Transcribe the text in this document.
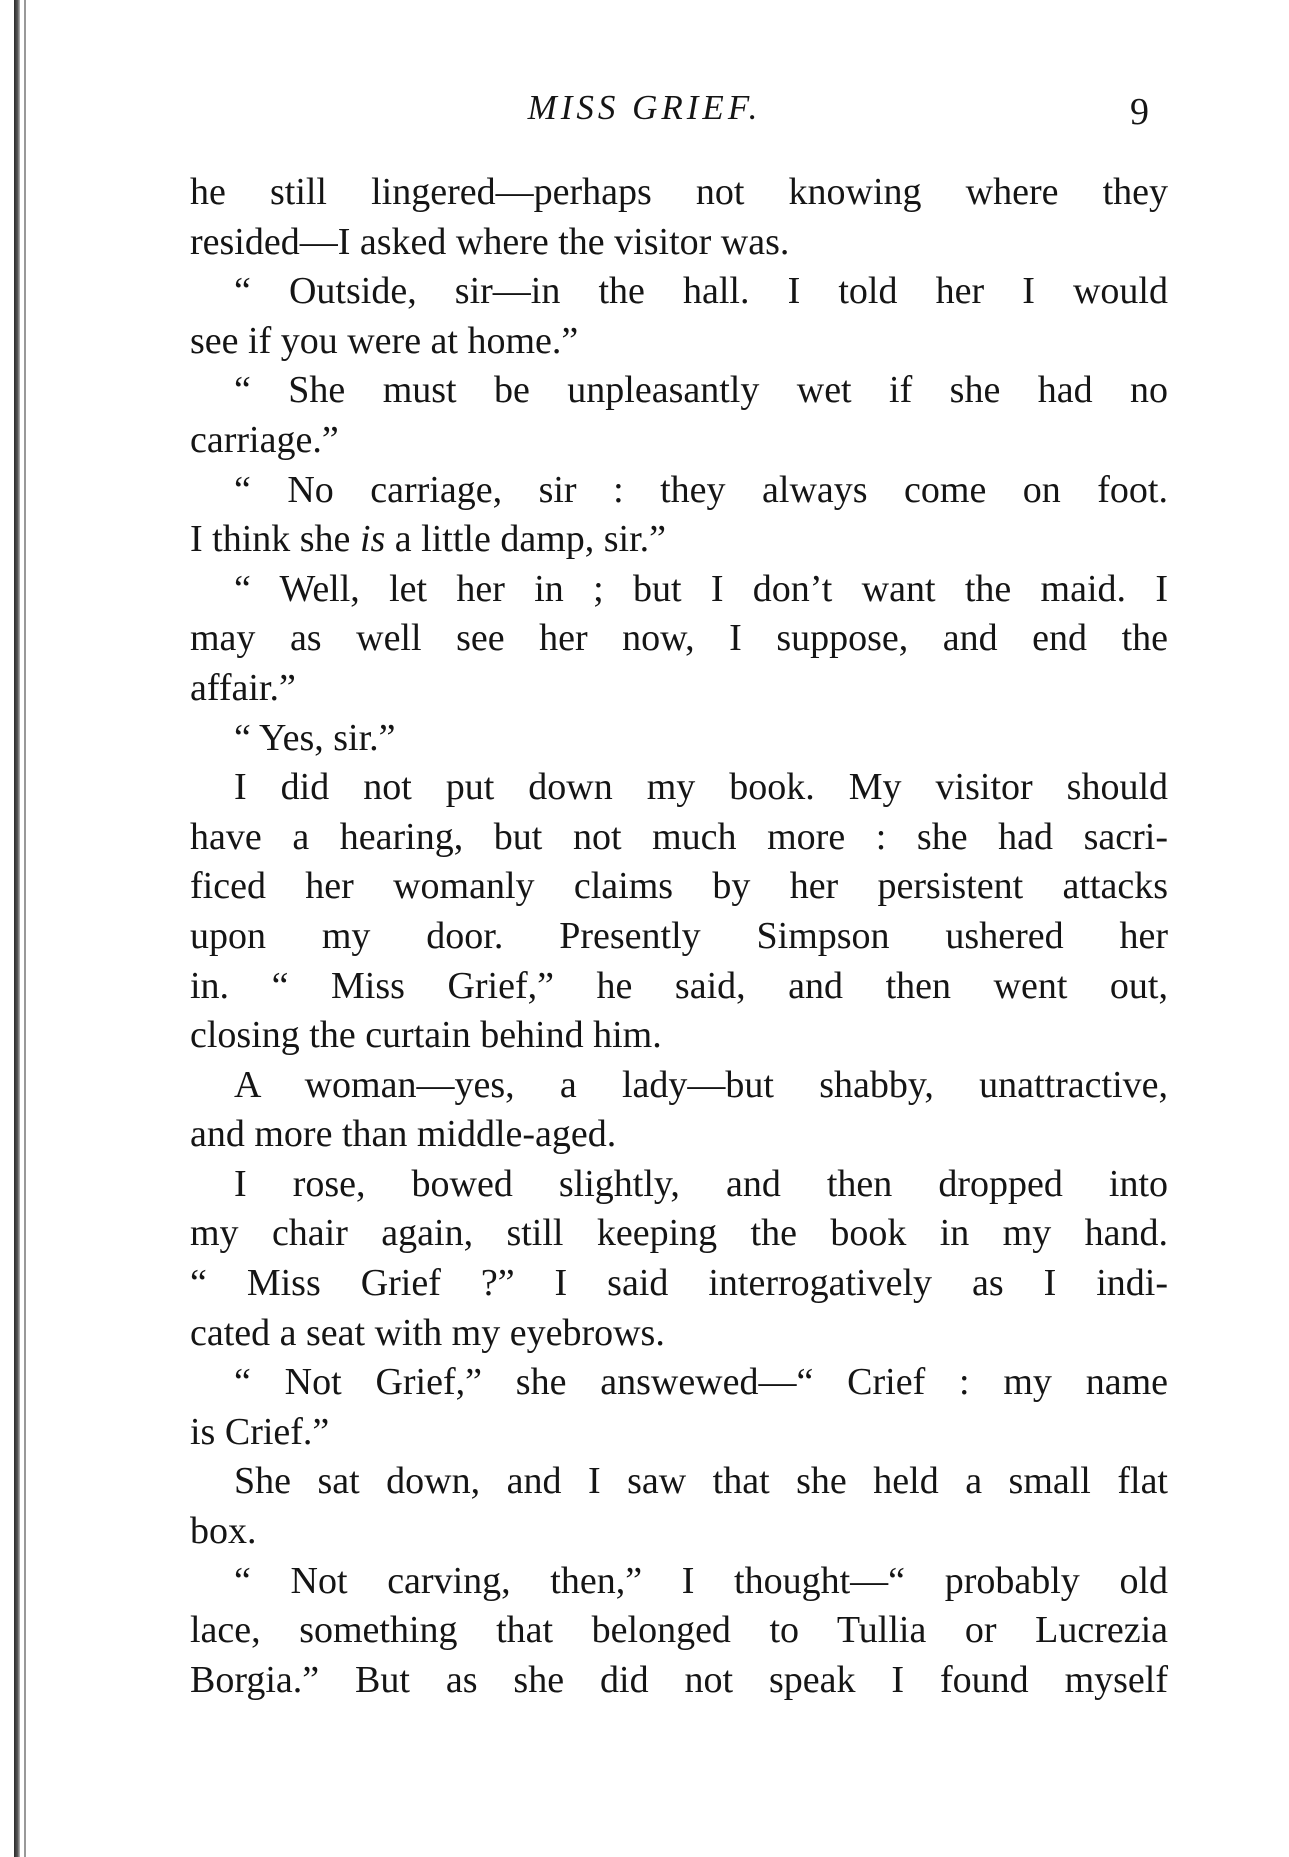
MISS GRIEF.	9
he still lingered—perhaps not knowing where they
resided—I asked where the visitor was.
“ Outside, sir—in the hall. I told her I would
see if you were at home.”
“ She must be unpleasantly wet if she had no
carriage.”
“ No carriage, sir : they always come on foot.
I think she is a little damp, sir.”
“ Well, let her in ; but I don’t want the maid. I
may as well see her now, I suppose, and end the
affair.”
“ Yes, sir.”
I did not put down my book. My visitor should
have a hearing, but not much more : she had sacri-
ficed her womanly claims by her persistent attacks
upon my door. Presently Simpson ushered her
in. “ Miss Grief,” he said, and then went out,
closing the curtain behind him.
A woman—yes, a lady—but shabby, unattractive,
and more than middle-aged.
I rose, bowed slightly, and then dropped into
my chair again, still keeping the book in my hand.
“ Miss Grief ?” I said interrogatively as I indi-
cated a seat with my eyebrows.
“ Not Grief,” she answewed—“ Crief : my name
is Crief.”
She sat down, and I saw that she held a small flat
box.
“ Not carving, then,” I thought—“ probably old
lace, something that belonged to Tullia or Lucrezia
Borgia.” But as she did not speak I found myself
